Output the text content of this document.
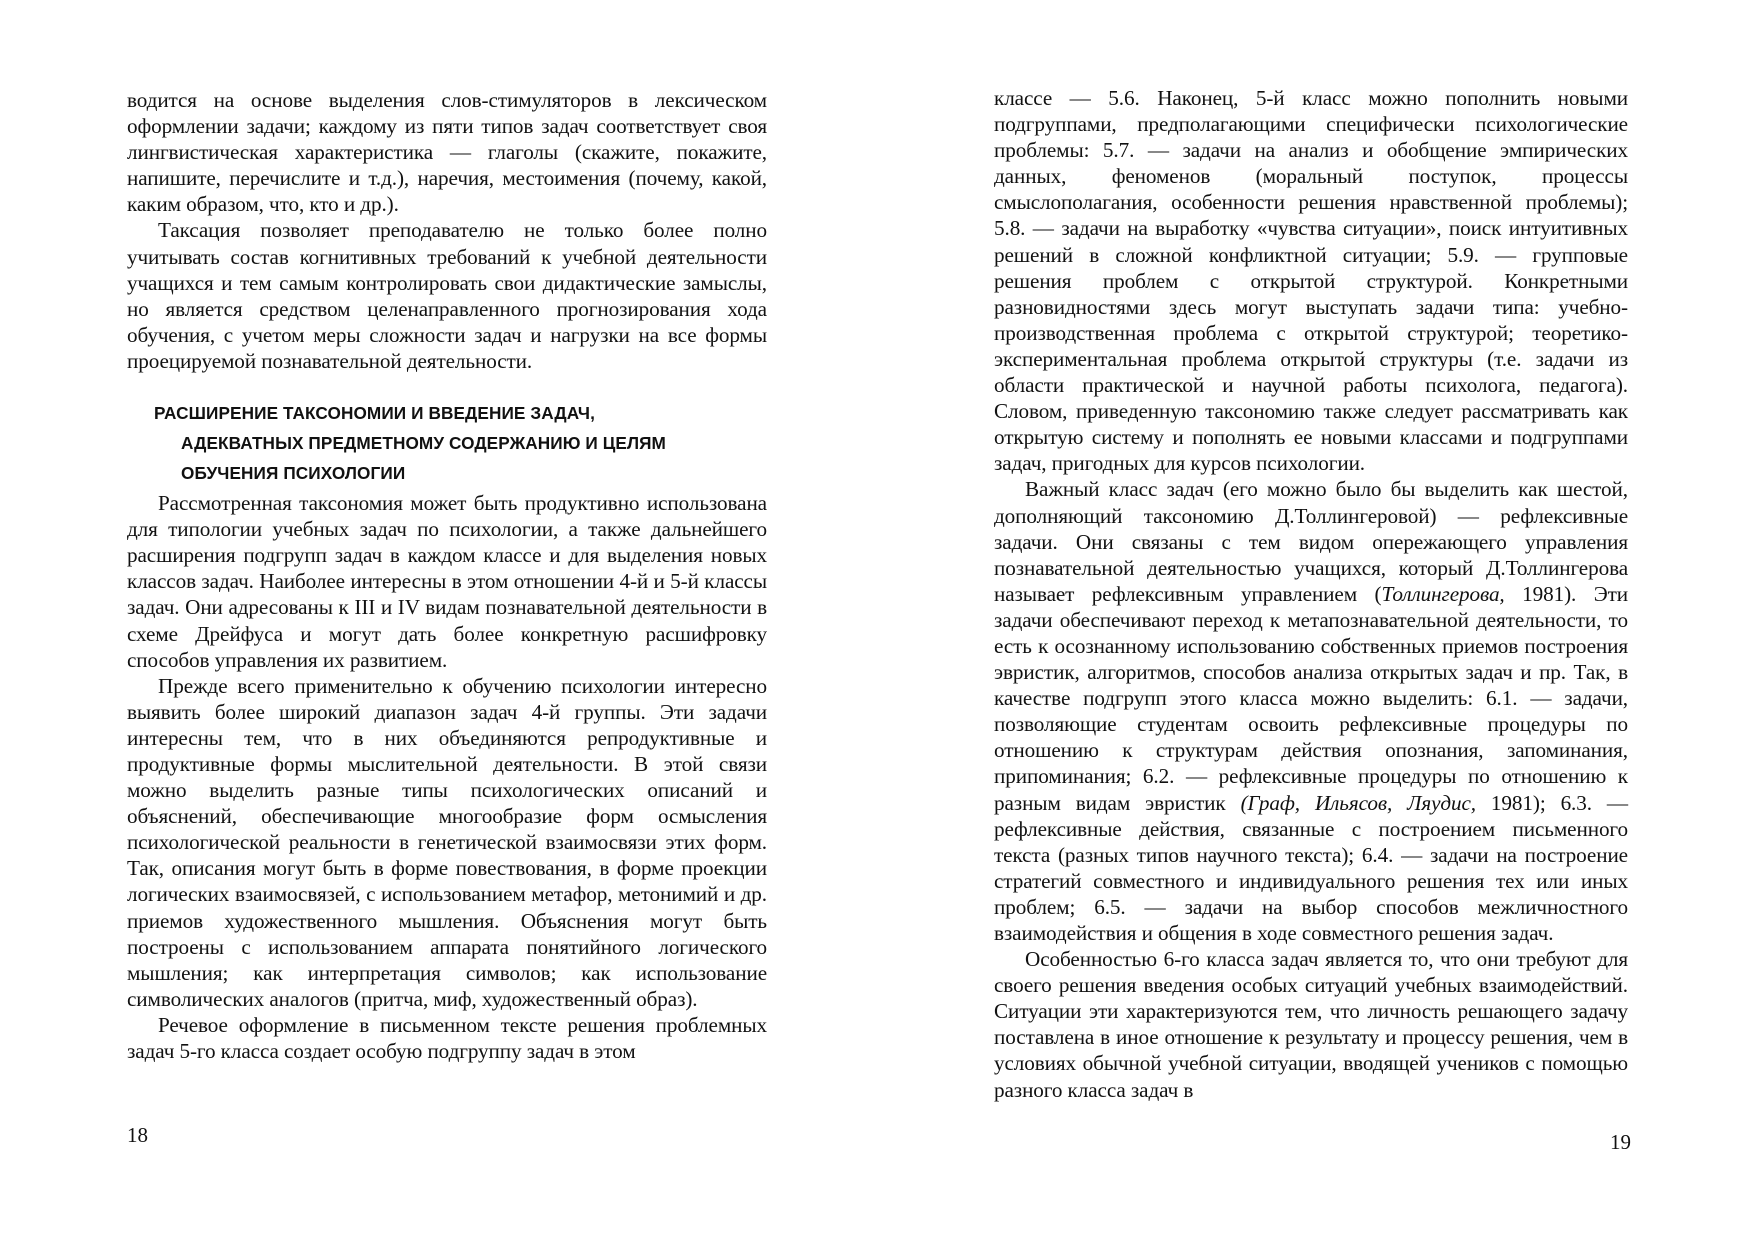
водится на основе выделения слов-стимуляторов в лексическом оформлении задачи; каждому из пяти типов задач соответствует своя лингвистическая характеристика — глаголы (скажите, покажите, напишите, перечислите и т.д.), наречия, местоимения (почему, какой, каким образом, что, кто и др.).

Таксация позволяет преподавателю не только более полно учитывать состав когнитивных требований к учебной деятельности учащихся и тем самым контролировать свои дидактические замыслы, но является средством целенаправленного прогнозирования хода обучения, с учетом меры сложности задач и нагрузки на все формы проецируемой познавательной деятельности.

РАСШИРЕНИЕ ТАКСОНОМИИ И ВВЕДЕНИЕ ЗАДАЧ,
АДЕКВАТНЫХ ПРЕДМЕТНОМУ СОДЕРЖАНИЮ И ЦЕЛЯМ
ОБУЧЕНИЯ ПСИХОЛОГИИ

Рассмотренная таксономия может быть продуктивно использована для типологии учебных задач по психологии, а также дальнейшего расширения подгрупп задач в каждом классе и для выделения новых классов задач. Наиболее интересны в этом отношении 4-й и 5-й классы задач. Они адресованы к III и IV видам познавательной деятельности в схеме Дрейфуса и могут дать более конкретную расшифровку способов управления их развитием.

Прежде всего применительно к обучению психологии интересно выявить более широкий диапазон задач 4-й группы. Эти задачи интересны тем, что в них объединяются репродуктивные и продуктивные формы мыслительной деятельности. В этой связи можно выделить разные типы психологических описаний и объяснений, обеспечивающие многообразие форм осмысления психологической реальности в генетической взаимосвязи этих форм. Так, описания могут быть в форме повествования, в форме проекции логических взаимосвязей, с использованием метафор, метонимий и др. приемов художественного мышления. Объяснения могут быть построены с использованием аппарата понятийного логического мышления; как интерпретация символов; как использование символических аналогов (притча, миф, художественный образ).

Речевое оформление в письменном тексте решения проблемных задач 5-го класса создает особую подгруппу задач в этом

18

классе — 5.6. Наконец, 5-й класс можно пополнить новыми подгруппами, предполагающими специфически психологические проблемы: 5.7. — задачи на анализ и обобщение эмпирических данных, феноменов (моральный поступок, процессы смыслополагания, особенности решения нравственной проблемы); 5.8. — задачи на выработку «чувства ситуации», поиск интуитивных решений в сложной конфликтной ситуации; 5.9. — групповые решения проблем с открытой структурой. Конкретными разновидностями здесь могут выступать задачи типа: учебно-производственная проблема с открытой структурой; теоретико-экспериментальная проблема открытой структуры (т.е. задачи из области практической и научной работы психолога, педагога). Словом, приведенную таксономию также следует рассматривать как открытую систему и пополнять ее новыми классами и подгруппами задач, пригодных для курсов психологии.

Важный класс задач (его можно было бы выделить как шестой, дополняющий таксономию Д.Толлингеровой) — рефлексивные задачи. Они связаны с тем видом опережающего управления познавательной деятельностью учащихся, который Д.Толлингерова называет рефлексивным управлением (Толлингерова, 1981). Эти задачи обеспечивают переход к метапознавательной деятельности, то есть к осознанному использованию собственных приемов построения эвристик, алгоритмов, способов анализа открытых задач и пр. Так, в качестве подгрупп этого класса можно выделить: 6.1. — задачи, позволяющие студентам освоить рефлексивные процедуры по отношению к структурам действия опознания, запоминания, припоминания; 6.2. — рефлексивные процедуры по отношению к разным видам эвристик (Граф, Ильясов, Ляудис, 1981); 6.3. — рефлексивные действия, связанные с построением письменного текста (разных типов научного текста); 6.4. — задачи на построение стратегий совместного и индивидуального решения тех или иных проблем; 6.5. — задачи на выбор способов межличностного взаимодействия и общения в ходе совместного решения задач.

Особенностью 6-го класса задач является то, что они требуют для своего решения введения особых ситуаций учебных взаимодействий. Ситуации эти характеризуются тем, что личность решающего задачу поставлена в иное отношение к результату и процессу решения, чем в условиях обычной учебной ситуации, вводящей учеников с помощью разного класса задач в

19
